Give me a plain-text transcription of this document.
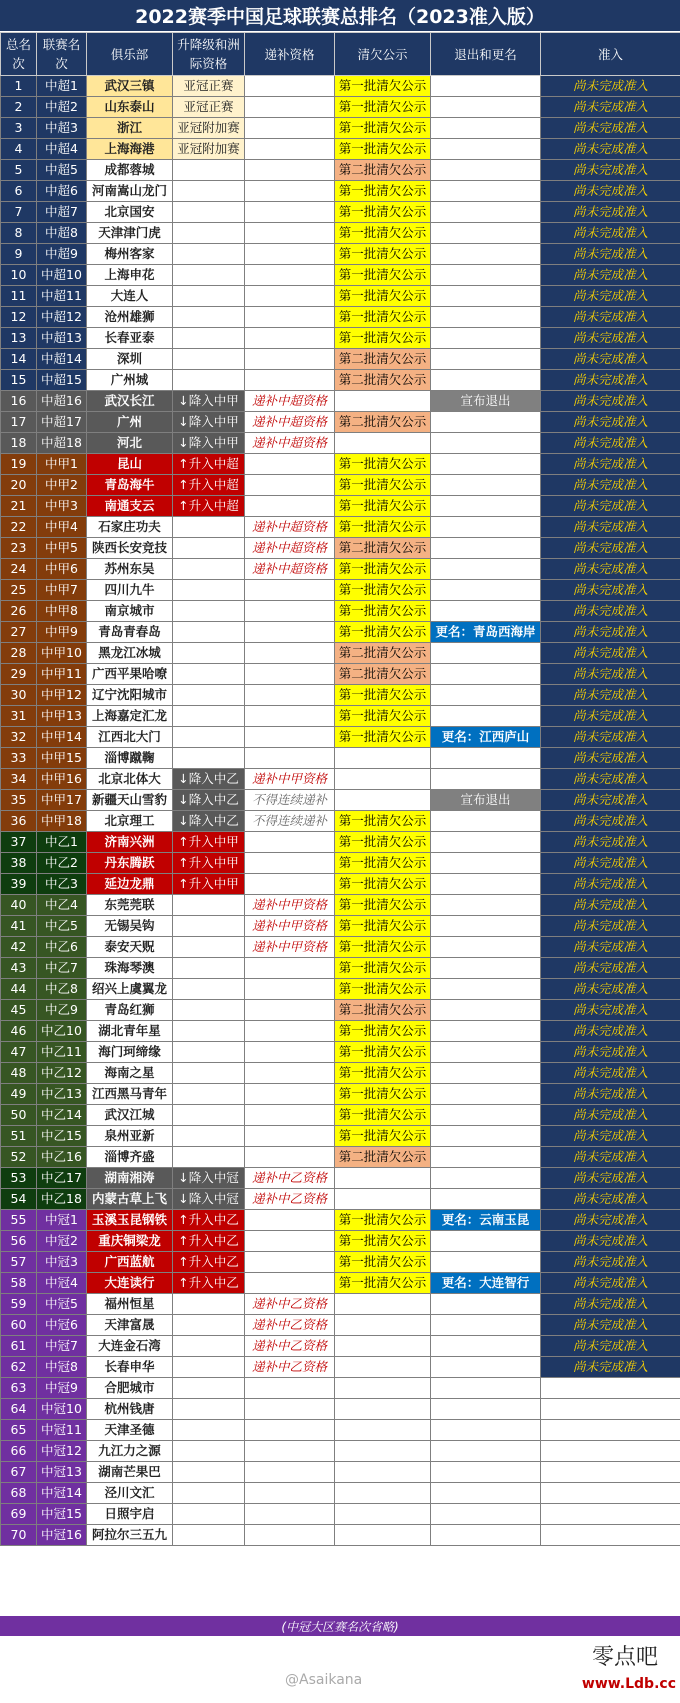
2022赛季中国足球联赛总排名（2023准入版）
总名次	联赛名次	俱乐部	升降级和洲际资格	递补资格	清欠公示	退出和更名	准入
1	中超1	武汉三镇	亚冠正赛		第一批清欠公示		尚未完成准入
2	中超2	山东泰山	亚冠正赛		第一批清欠公示		尚未完成准入
3	中超3	浙江	亚冠附加赛		第一批清欠公示		尚未完成准入
4	中超4	上海海港	亚冠附加赛		第一批清欠公示		尚未完成准入
5	中超5	成都蓉城			第二批清欠公示		尚未完成准入
6	中超6	河南嵩山龙门			第一批清欠公示		尚未完成准入
7	中超7	北京国安			第一批清欠公示		尚未完成准入
8	中超8	天津津门虎			第一批清欠公示		尚未完成准入
9	中超9	梅州客家			第一批清欠公示		尚未完成准入
10	中超10	上海申花			第一批清欠公示		尚未完成准入
11	中超11	大连人			第一批清欠公示		尚未完成准入
12	中超12	沧州雄狮			第一批清欠公示		尚未完成准入
13	中超13	长春亚泰			第一批清欠公示		尚未完成准入
14	中超14	深圳			第二批清欠公示		尚未完成准入
15	中超15	广州城			第二批清欠公示		尚未完成准入
16	中超16	武汉长江	↓降入中甲	递补中超资格		宣布退出	尚未完成准入
17	中超17	广州	↓降入中甲	递补中超资格	第二批清欠公示		尚未完成准入
18	中超18	河北	↓降入中甲	递补中超资格			尚未完成准入
19	中甲1	昆山	↑升入中超		第一批清欠公示		尚未完成准入
20	中甲2	青岛海牛	↑升入中超		第一批清欠公示		尚未完成准入
21	中甲3	南通支云	↑升入中超		第一批清欠公示		尚未完成准入
22	中甲4	石家庄功夫		递补中超资格	第一批清欠公示		尚未完成准入
23	中甲5	陕西长安竞技		递补中超资格	第二批清欠公示		尚未完成准入
24	中甲6	苏州东吴		递补中超资格	第一批清欠公示		尚未完成准入
25	中甲7	四川九牛			第一批清欠公示		尚未完成准入
26	中甲8	南京城市			第一批清欠公示		尚未完成准入
27	中甲9	青岛青春岛			第一批清欠公示	更名：青岛西海岸	尚未完成准入
28	中甲10	黑龙江冰城			第二批清欠公示		尚未完成准入
29	中甲11	广西平果哈嘹			第二批清欠公示		尚未完成准入
30	中甲12	辽宁沈阳城市			第一批清欠公示		尚未完成准入
31	中甲13	上海嘉定汇龙			第一批清欠公示		尚未完成准入
32	中甲14	江西北大门			第一批清欠公示	更名：江西庐山	尚未完成准入
33	中甲15	淄博蹴鞠					尚未完成准入
34	中甲16	北京北体大	↓降入中乙	递补中甲资格			尚未完成准入
35	中甲17	新疆天山雪豹	↓降入中乙	不得连续递补		宣布退出	尚未完成准入
36	中甲18	北京理工	↓降入中乙	不得连续递补	第一批清欠公示		尚未完成准入
37	中乙1	济南兴洲	↑升入中甲		第一批清欠公示		尚未完成准入
38	中乙2	丹东腾跃	↑升入中甲		第一批清欠公示		尚未完成准入
39	中乙3	延边龙鼎	↑升入中甲		第一批清欠公示		尚未完成准入
40	中乙4	东莞莞联		递补中甲资格	第一批清欠公示		尚未完成准入
41	中乙5	无锡吴钩		递补中甲资格	第一批清欠公示		尚未完成准入
42	中乙6	泰安天贶		递补中甲资格	第一批清欠公示		尚未完成准入
43	中乙7	珠海琴澳			第一批清欠公示		尚未完成准入
44	中乙8	绍兴上虞翼龙			第一批清欠公示		尚未完成准入
45	中乙9	青岛红狮			第二批清欠公示		尚未完成准入
46	中乙10	湖北青年星			第一批清欠公示		尚未完成准入
47	中乙11	海门珂缔缘			第一批清欠公示		尚未完成准入
48	中乙12	海南之星			第一批清欠公示		尚未完成准入
49	中乙13	江西黑马青年			第一批清欠公示		尚未完成准入
50	中乙14	武汉江城			第一批清欠公示		尚未完成准入
51	中乙15	泉州亚新			第一批清欠公示		尚未完成准入
52	中乙16	淄博齐盛			第二批清欠公示		尚未完成准入
53	中乙17	湖南湘涛	↓降入中冠	递补中乙资格			尚未完成准入
54	中乙18	内蒙古草上飞	↓降入中冠	递补中乙资格			尚未完成准入
55	中冠1	玉溪玉昆钢铁	↑升入中乙		第一批清欠公示	更名：云南玉昆	尚未完成准入
56	中冠2	重庆铜梁龙	↑升入中乙		第一批清欠公示		尚未完成准入
57	中冠3	广西蓝航	↑升入中乙		第一批清欠公示		尚未完成准入
58	中冠4	大连读行	↑升入中乙		第一批清欠公示	更名：大连智行	尚未完成准入
59	中冠5	福州恒星		递补中乙资格			尚未完成准入
60	中冠6	天津富晟		递补中乙资格			尚未完成准入
61	中冠7	大连金石湾		递补中乙资格			尚未完成准入
62	中冠8	长春申华		递补中乙资格			尚未完成准入
63	中冠9	合肥城市					
64	中冠10	杭州钱唐					
65	中冠11	天津圣德					
66	中冠12	九江力之源					
67	中冠13	湖南芒果巴					
68	中冠14	泾川文汇					
69	中冠15	日照宇启					
70	中冠16	阿拉尔三五九					
(中冠大区赛名次省略)
@Asaikana
零点吧
www.Ldb.cc
